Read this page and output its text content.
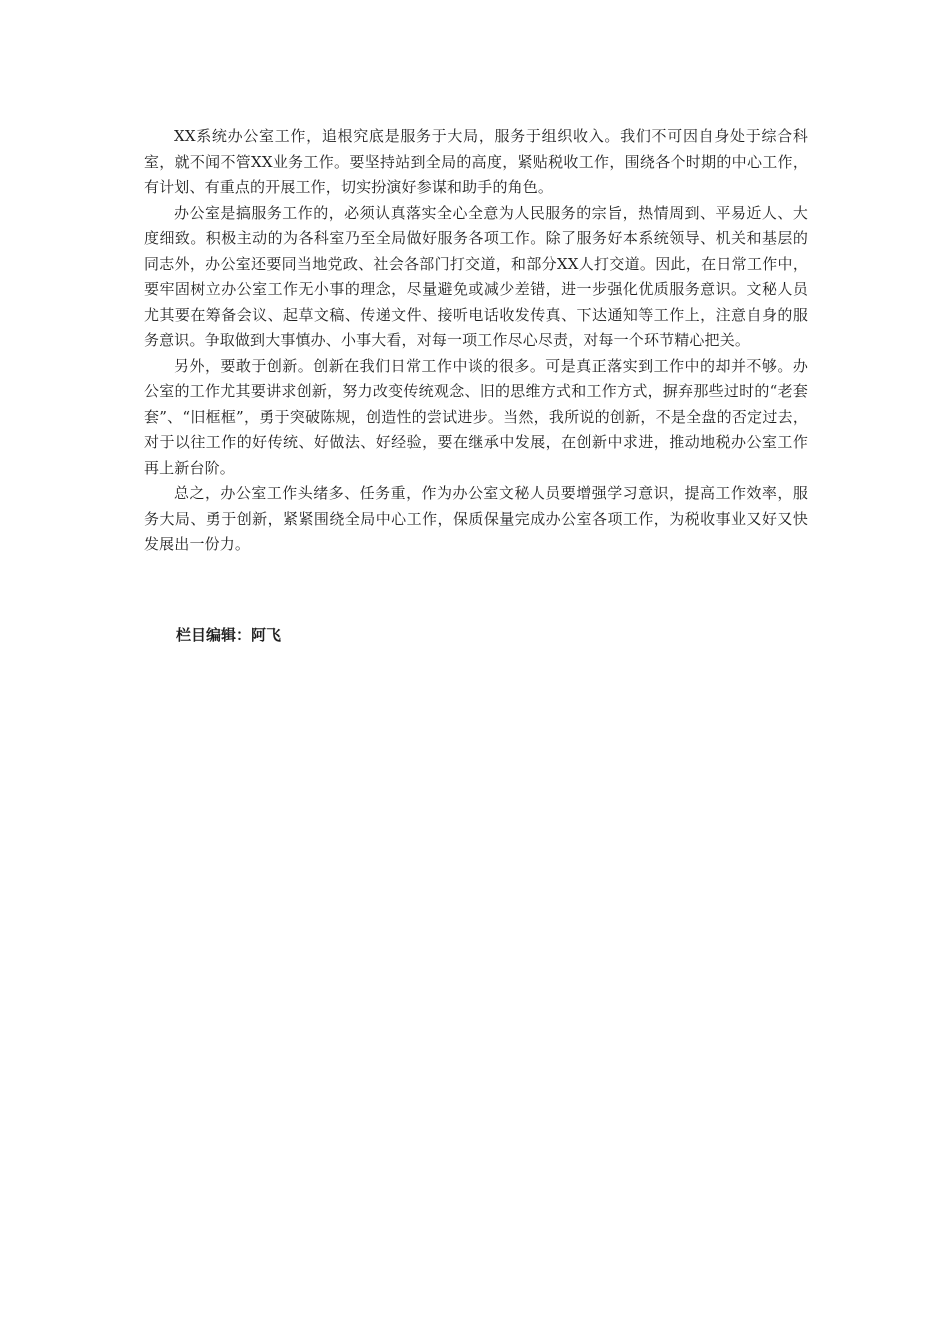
XX系统办公室工作，追根究底是服务于大局，服务于组织收入。我们不可因自身处于综合科室，就不闻不管XX业务工作。要坚持站到全局的高度，紧贴税收工作，围绕各个时期的中心工作，有计划、有重点的开展工作，切实扮演好参谋和助手的角色。

办公室是搞服务工作的，必须认真落实全心全意为人民服务的宗旨，热情周到、平易近人、大度细致。积极主动的为各科室乃至全局做好服务各项工作。除了服务好本系统领导、机关和基层的同志外，办公室还要同当地党政、社会各部门打交道，和部分XX人打交道。因此，在日常工作中，要牢固树立办公室工作无小事的理念，尽量避免或减少差错，进一步强化优质服务意识。文秘人员尤其要在筹备会议、起草文稿、传递文件、接听电话收发传真、下达通知等工作上，注意自身的服务意识。争取做到大事慎办、小事大看，对每一项工作尽心尽责，对每一个环节精心把关。

另外，要敢于创新。创新在我们日常工作中谈的很多。可是真正落实到工作中的却并不够。办公室的工作尤其要讲求创新，努力改变传统观念、旧的思维方式和工作方式，摒弃那些过时的“老套套”、“旧框框”，勇于突破陈规，创造性的尝试进步。当然，我所说的创新，不是全盘的否定过去，对于以往工作的好传统、好做法、好经验，要在继承中发展，在创新中求进，推动地税办公室工作再上新台阶。

总之，办公室工作头绪多、任务重，作为办公室文秘人员要增强学习意识，提高工作效率，服务大局、勇于创新，紧紧围绕全局中心工作，保质保量完成办公室各项工作，为税收事业又好又快发展出一份力。

栏目编辑：阿飞
